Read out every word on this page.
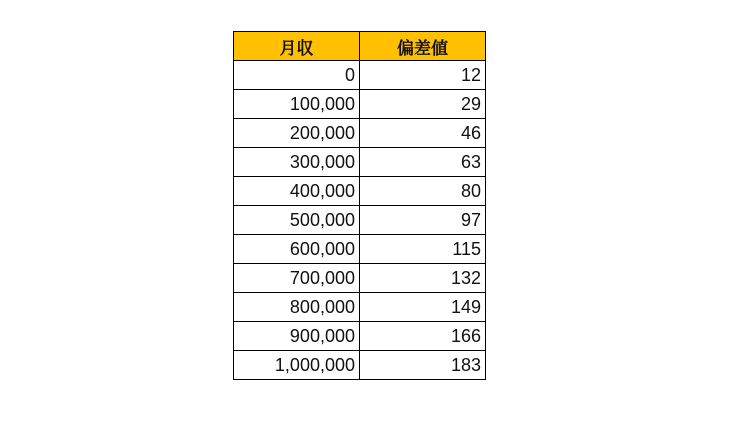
月収	偏差値
0	12
100,000	29
200,000	46
300,000	63
400,000	80
500,000	97
600,000	115
700,000	132
800,000	149
900,000	166
1,000,000	183
